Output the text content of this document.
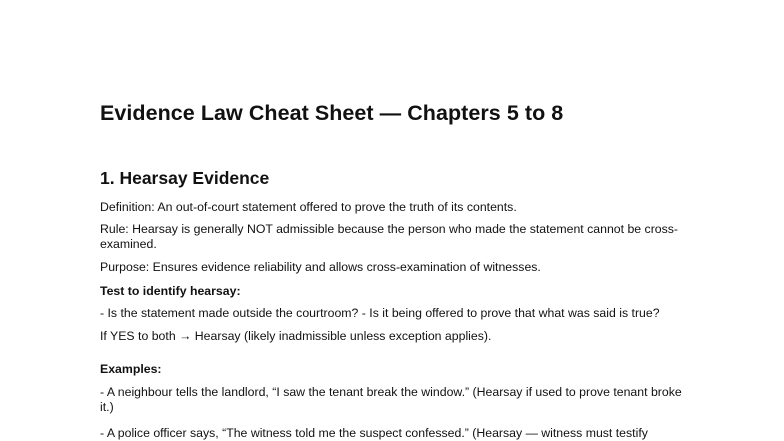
Evidence Law Cheat Sheet — Chapters 5 to 8
1. Hearsay Evidence

Definition: An out-of-court statement offered to prove the truth of its contents.

Rule: Hearsay is generally NOT admissible because the person who made the statement cannot be cross-examined.

Purpose: Ensures evidence reliability and allows cross-examination of witnesses.

Test to identify hearsay:

- Is the statement made outside the courtroom? - Is it being offered to prove that what was said is true?

If YES to both → Hearsay (likely inadmissible unless exception applies).

Examples:

- A neighbour tells the landlord, “I saw the tenant break the window.” (Hearsay if used to prove tenant broke it.)

- A police officer says, “The witness told me the suspect confessed.” (Hearsay — witness must testify
